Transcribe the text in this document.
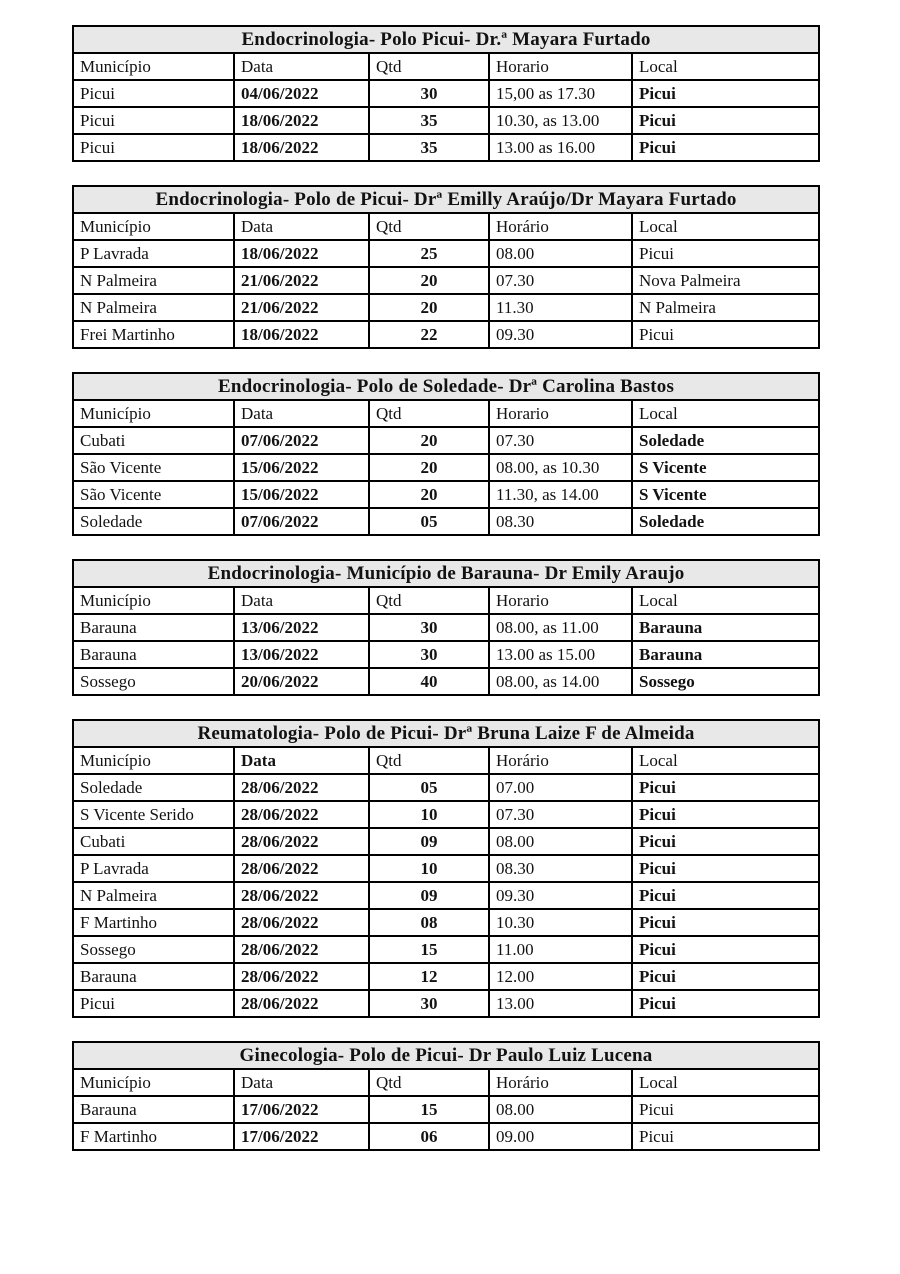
Endocrinologia- Polo Picui- Dr.ª Mayara Furtado				
Município	Data	Qtd	Horario	Local
Picui	04/06/2022	30	15,00 as 17.30	Picui
Picui	18/06/2022	35	10.30, as 13.00	Picui
Picui	18/06/2022	35	13.00 as 16.00	Picui
Endocrinologia- Polo de Picui- Drª Emilly Araújo/Dr Mayara Furtado				
Município	Data	Qtd	Horário	Local
P Lavrada	18/06/2022	25	08.00	Picui
N Palmeira	21/06/2022	20	07.30	Nova Palmeira
N Palmeira	21/06/2022	20	11.30	N Palmeira
Frei Martinho	18/06/2022	22	09.30	Picui
Endocrinologia- Polo de Soledade- Drª Carolina Bastos				
Município	Data	Qtd	Horario	Local
Cubati	07/06/2022	20	07.30	Soledade
São Vicente	15/06/2022	20	08.00, as 10.30	S Vicente
São Vicente	15/06/2022	20	11.30, as 14.00	S Vicente
Soledade	07/06/2022	05	08.30	Soledade
Endocrinologia- Município de Barauna- Dr Emily Araujo				
Município	Data	Qtd	Horario	Local
Barauna	13/06/2022	30	08.00, as 11.00	Barauna
Barauna	13/06/2022	30	13.00 as 15.00	Barauna
Sossego	20/06/2022	40	08.00, as 14.00	Sossego
Reumatologia- Polo de Picui- Drª Bruna Laize F de Almeida				
Município	Data	Qtd	Horário	Local
Soledade	28/06/2022	05	07.00	Picui
S Vicente Serido	28/06/2022	10	07.30	Picui
Cubati	28/06/2022	09	08.00	Picui
P Lavrada	28/06/2022	10	08.30	Picui
N Palmeira	28/06/2022	09	09.30	Picui
F Martinho	28/06/2022	08	10.30	Picui
Sossego	28/06/2022	15	11.00	Picui
Barauna	28/06/2022	12	12.00	Picui
Picui	28/06/2022	30	13.00	Picui
Ginecologia- Polo de Picui- Dr Paulo Luiz Lucena				
Município	Data	Qtd	Horário	Local
Barauna	17/06/2022	15	08.00	Picui
F Martinho	17/06/2022	06	09.00	Picui
